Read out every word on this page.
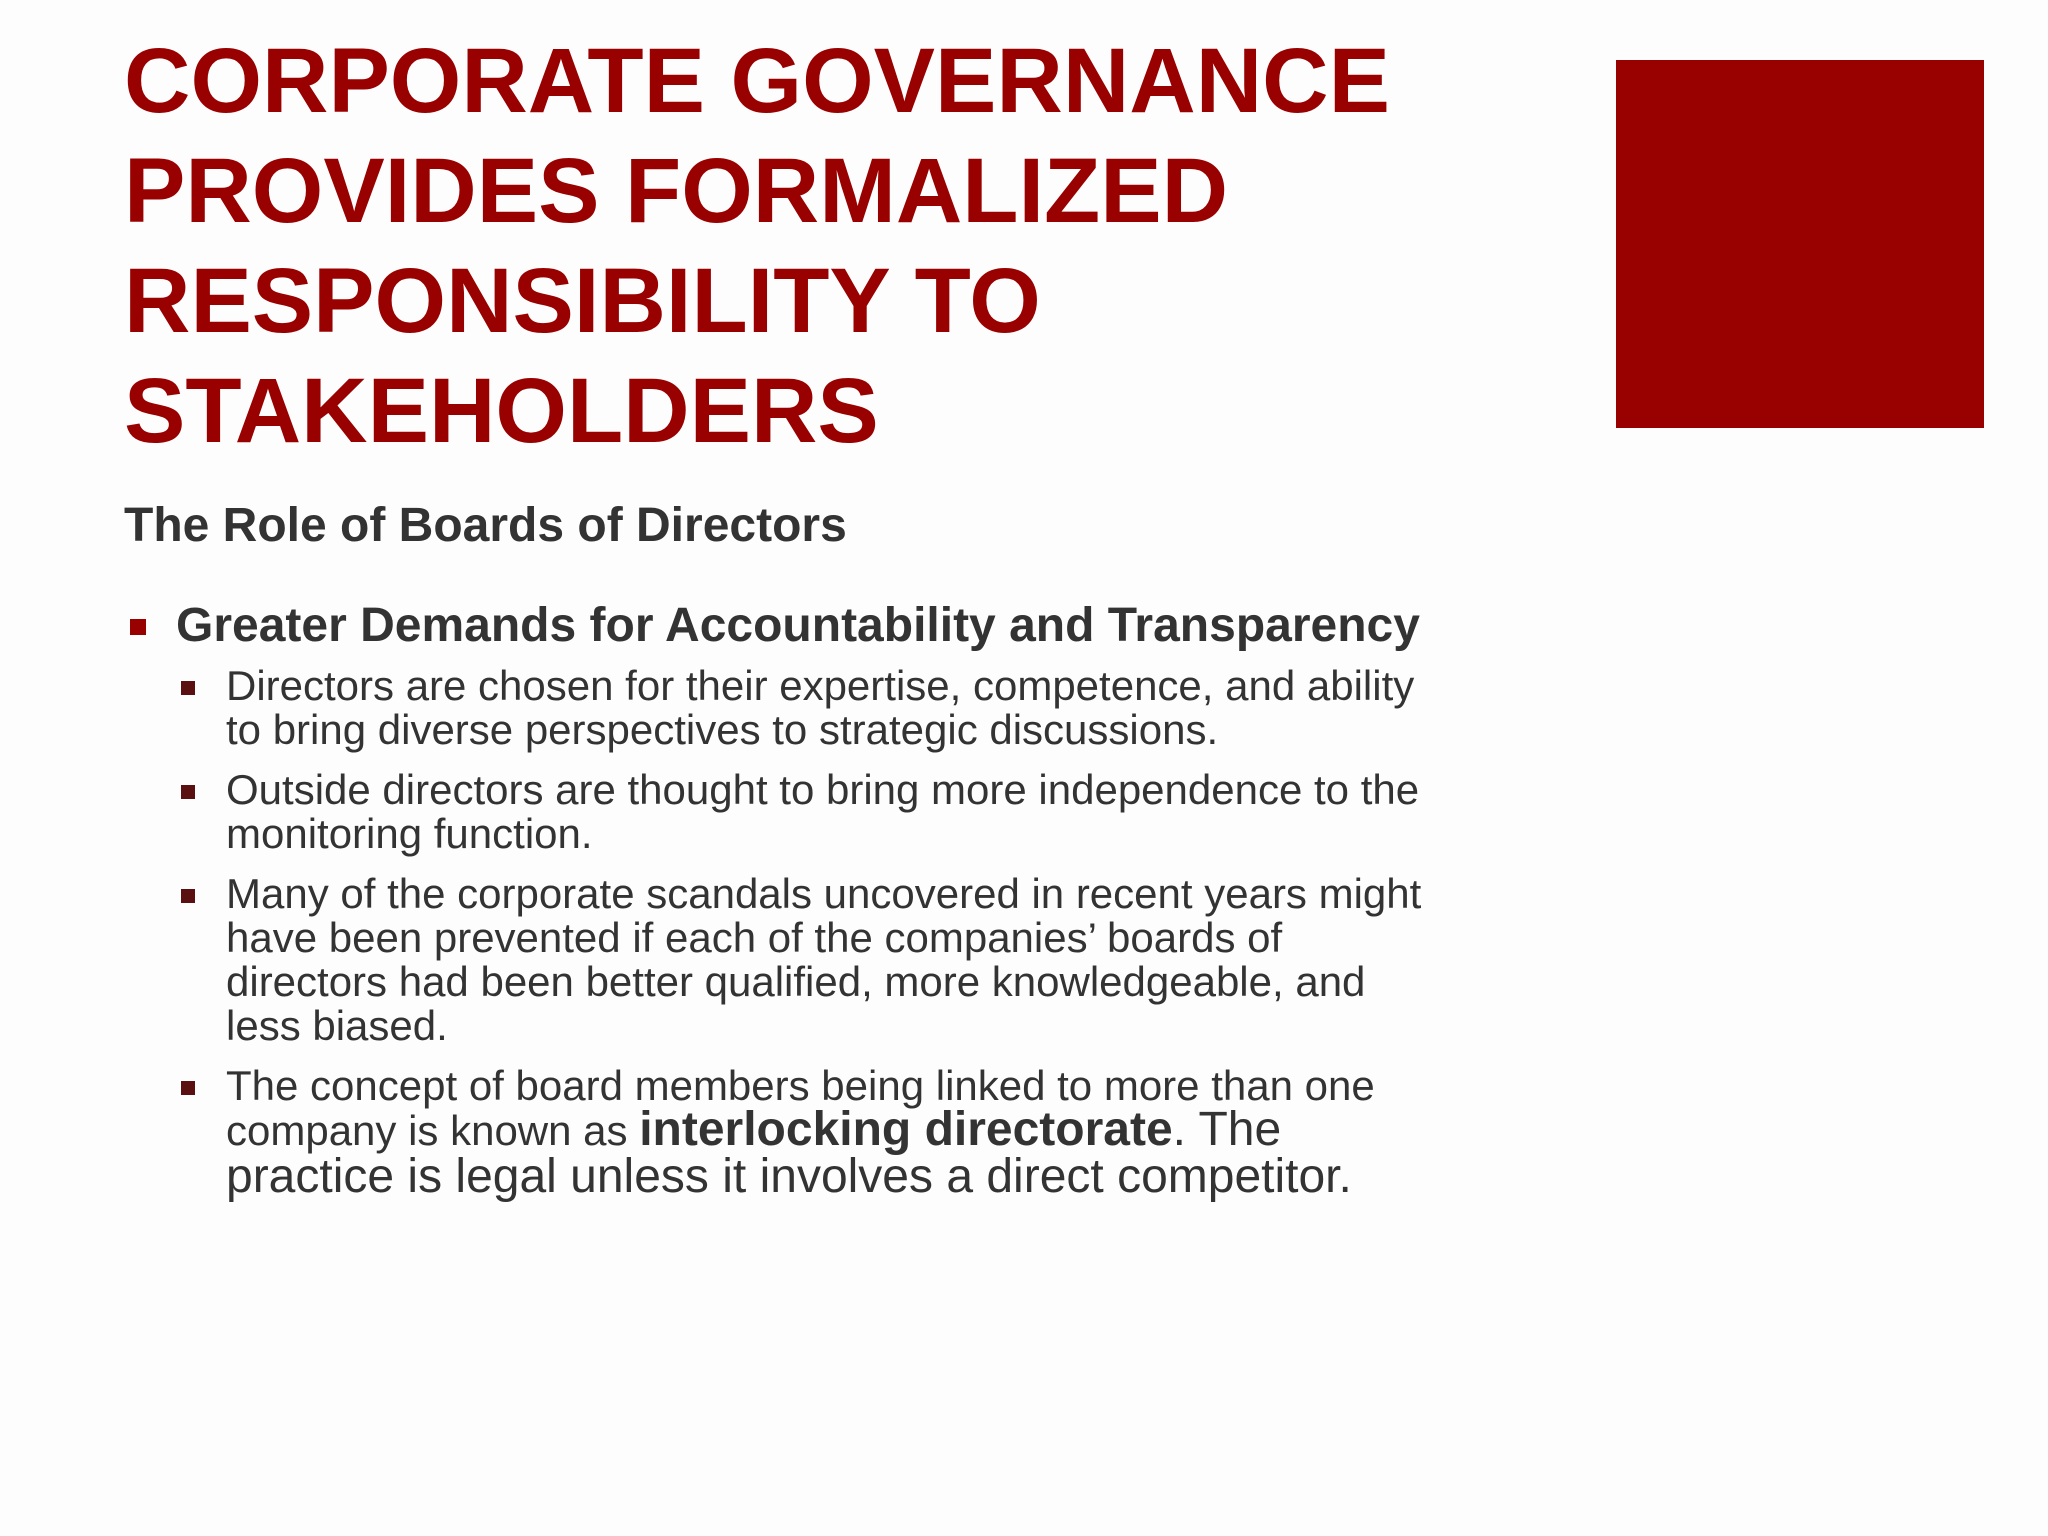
CORPORATE GOVERNANCE
PROVIDES FORMALIZED
RESPONSIBILITY TO
STAKEHOLDERS
The Role of Boards of Directors
Greater Demands for Accountability and Transparency
Directors are chosen for their expertise, competence, and ability
to bring diverse perspectives to strategic discussions.
Outside directors are thought to bring more independence to the
monitoring function.
Many of the corporate scandals uncovered in recent years might
have been prevented if each of the companies’ boards of
directors had been better qualified, more knowledgeable, and
less biased.
The concept of board members being linked to more than one
company is known as interlocking directorate. The
practice is legal unless it involves a direct competitor.
